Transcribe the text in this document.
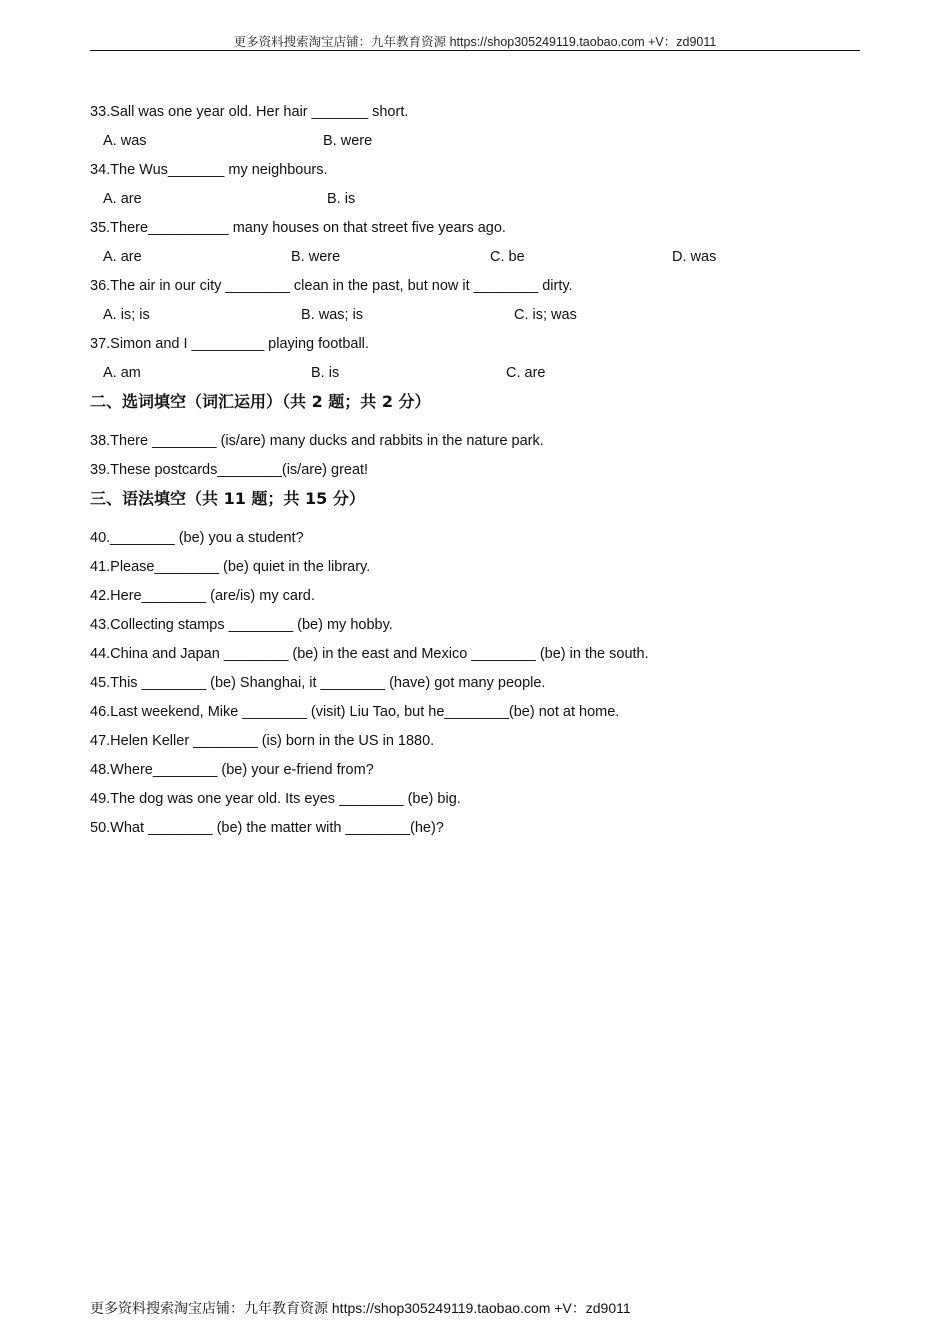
更多资料搜索淘宝店铺：九年教育资源 https://shop305249119.taobao.com +V：zd9011
33.Sall was one year old. Her hair _______ short.
A. was	B. were
34.The Wus_______ my neighbours.
A. are	B. is
35.There__________ many houses on that street five years ago.
A. are	B. were	C. be	D. was
36.The air in our city ________ clean in the past, but now it ________ dirty.
A. is; is	B. was; is	C. is; was
37.Simon and I _________ playing football.
A. am	B. is	C. are
二、选词填空（词汇运用）（共 2 题；共 2 分）
38.There ________ (is/are) many ducks and rabbits in the nature park.
39.These postcards________(is/are) great!
三、语法填空（共 11 题；共 15 分）
40.________ (be) you a student?
41.Please________ (be) quiet in the library.
42.Here________ (are/is) my card.
43.Collecting stamps ________ (be) my hobby.
44.China and Japan ________ (be) in the east and Mexico ________ (be) in the south.
45.This ________ (be) Shanghai, it ________ (have) got many people.
46.Last weekend, Mike ________ (visit) Liu Tao, but he________(be) not at home.
47.Helen Keller ________ (is) born in the US in 1880.
48.Where________ (be) your e-friend from?
49.The dog was one year old. Its eyes ________ (be) big.
50.What ________ (be) the matter with ________(he)?
更多资料搜索淘宝店铺：九年教育资源 https://shop305249119.taobao.com +V：zd9011
